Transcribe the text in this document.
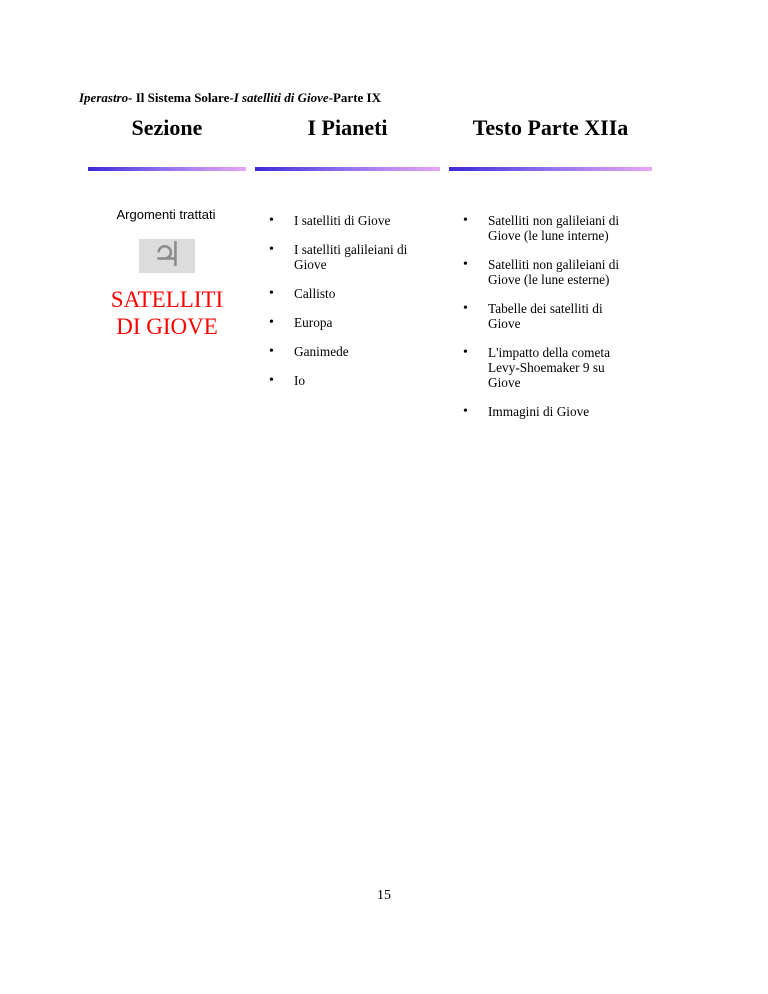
Iperastro- Il Sistema Solare-I satelliti di Giove-Parte IX
Sezione	I Pianeti	Testo Parte XIIa
Argomenti trattati
♃
SATELLITI
DI GIOVE
• I satelliti di Giove
• I satelliti galileiani di Giove
• Callisto
• Europa
• Ganimede
• Io
• Satelliti non galileiani di Giove (le lune interne)
• Satelliti non galileiani di Giove (le lune esterne)
• Tabelle dei satelliti di Giove
• L'impatto della cometa Levy-Shoemaker 9 su Giove
• Immagini di Giove
15
